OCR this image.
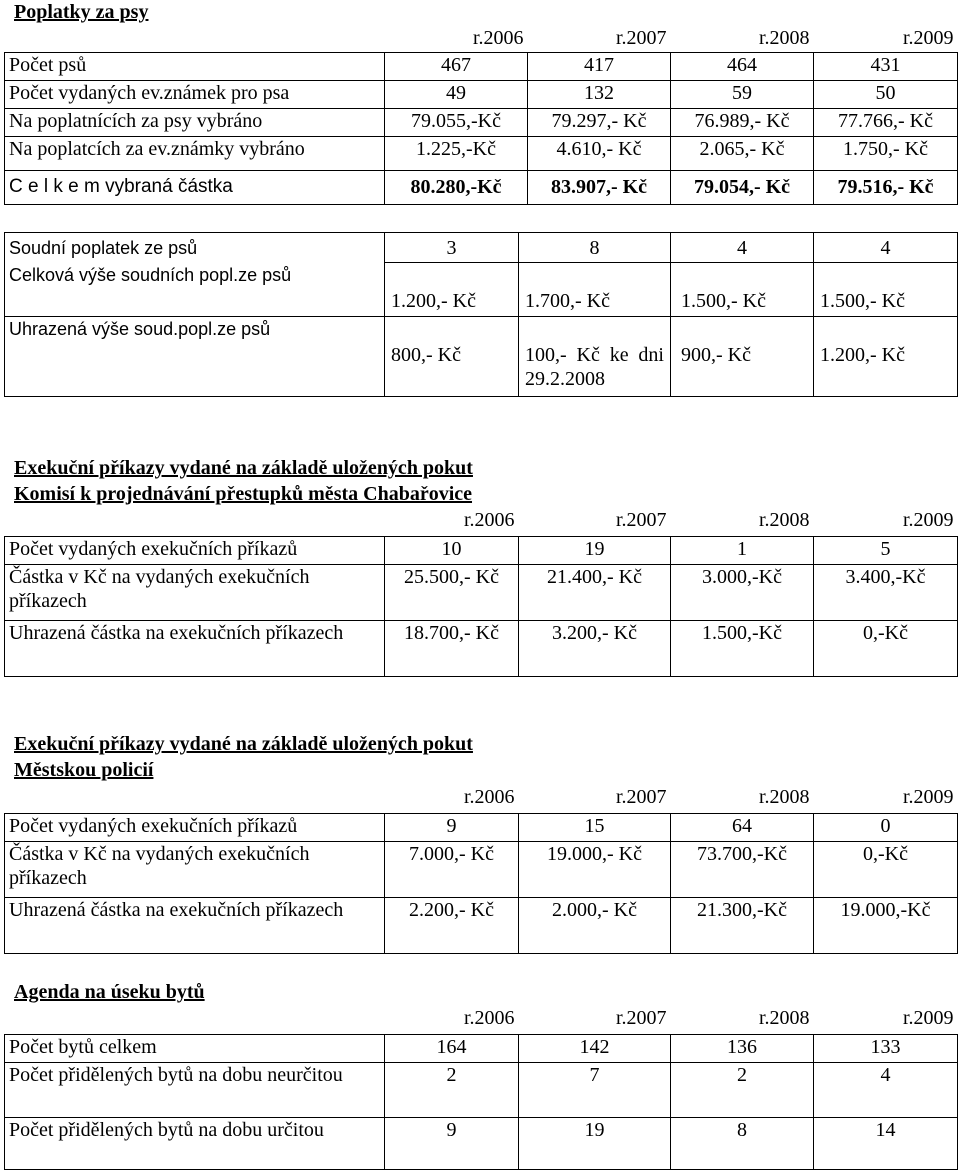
Poplatky za psy
	r.2006	r.2007	r.2008	r.2009
Počet psů	467	417	464	431
Počet vydaných ev.známek pro psa	49	132	59	50
Na poplatnících za psy vybráno	79.055,-Kč	79.297,- Kč	76.989,- Kč	77.766,- Kč
Na poplatcích za ev.známky vybráno	1.225,-Kč	4.610,- Kč	2.065,- Kč	1.750,- Kč
C e l k e m vybraná částka	80.280,-Kč	83.907,- Kč	79.054,- Kč	79.516,- Kč
Soudní poplatek ze psů	3	8	4	4
Celková výše soudních popl.ze psů	1.200,- Kč	1.700,- Kč	1.500,- Kč	1.500,- Kč
Uhrazená výše soud.popl.ze psů	800,- Kč	100,- Kč ke dni 29.2.2008	900,- Kč	1.200,- Kč
Exekuční příkazy vydané na základě uložených pokut
Komisí k projednávání přestupků města Chabařovice
	r.2006	r.2007	r.2008	r.2009
Počet vydaných exekučních příkazů	10	19	1	5
Částka v Kč na vydaných exekučních příkazech	25.500,- Kč	21.400,- Kč	3.000,-Kč	3.400,-Kč
Uhrazená částka na exekučních příkazech	18.700,- Kč	3.200,- Kč	1.500,-Kč	0,-Kč
Exekuční příkazy vydané na základě uložených pokut
Městskou policií
	r.2006	r.2007	r.2008	r.2009
Počet vydaných exekučních příkazů	9	15	64	0
Částka v Kč na vydaných exekučních příkazech	7.000,- Kč	19.000,- Kč	73.700,-Kč	0,-Kč
Uhrazená částka na exekučních příkazech	2.200,- Kč	2.000,- Kč	21.300,-Kč	19.000,-Kč
Agenda na úseku bytů
	r.2006	r.2007	r.2008	r.2009
Počet bytů celkem	164	142	136	133
Počet přidělených bytů na dobu neurčitou	2	7	2	4
Počet přidělených bytů na dobu určitou	9	19	8	14
